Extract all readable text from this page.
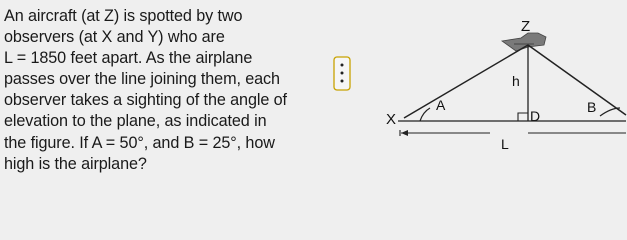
An aircraft (at Z) is spotted by two
observers (at X and Y) who are
L = 1850 feet apart. As the airplane
passes over the line joining them, each
observer takes a sighting of the angle of
elevation to the plane, as indicated in
the figure. If A = 50°, and B = 25°, how
high is the airplane?
Z
h
D
X
A	B
L
